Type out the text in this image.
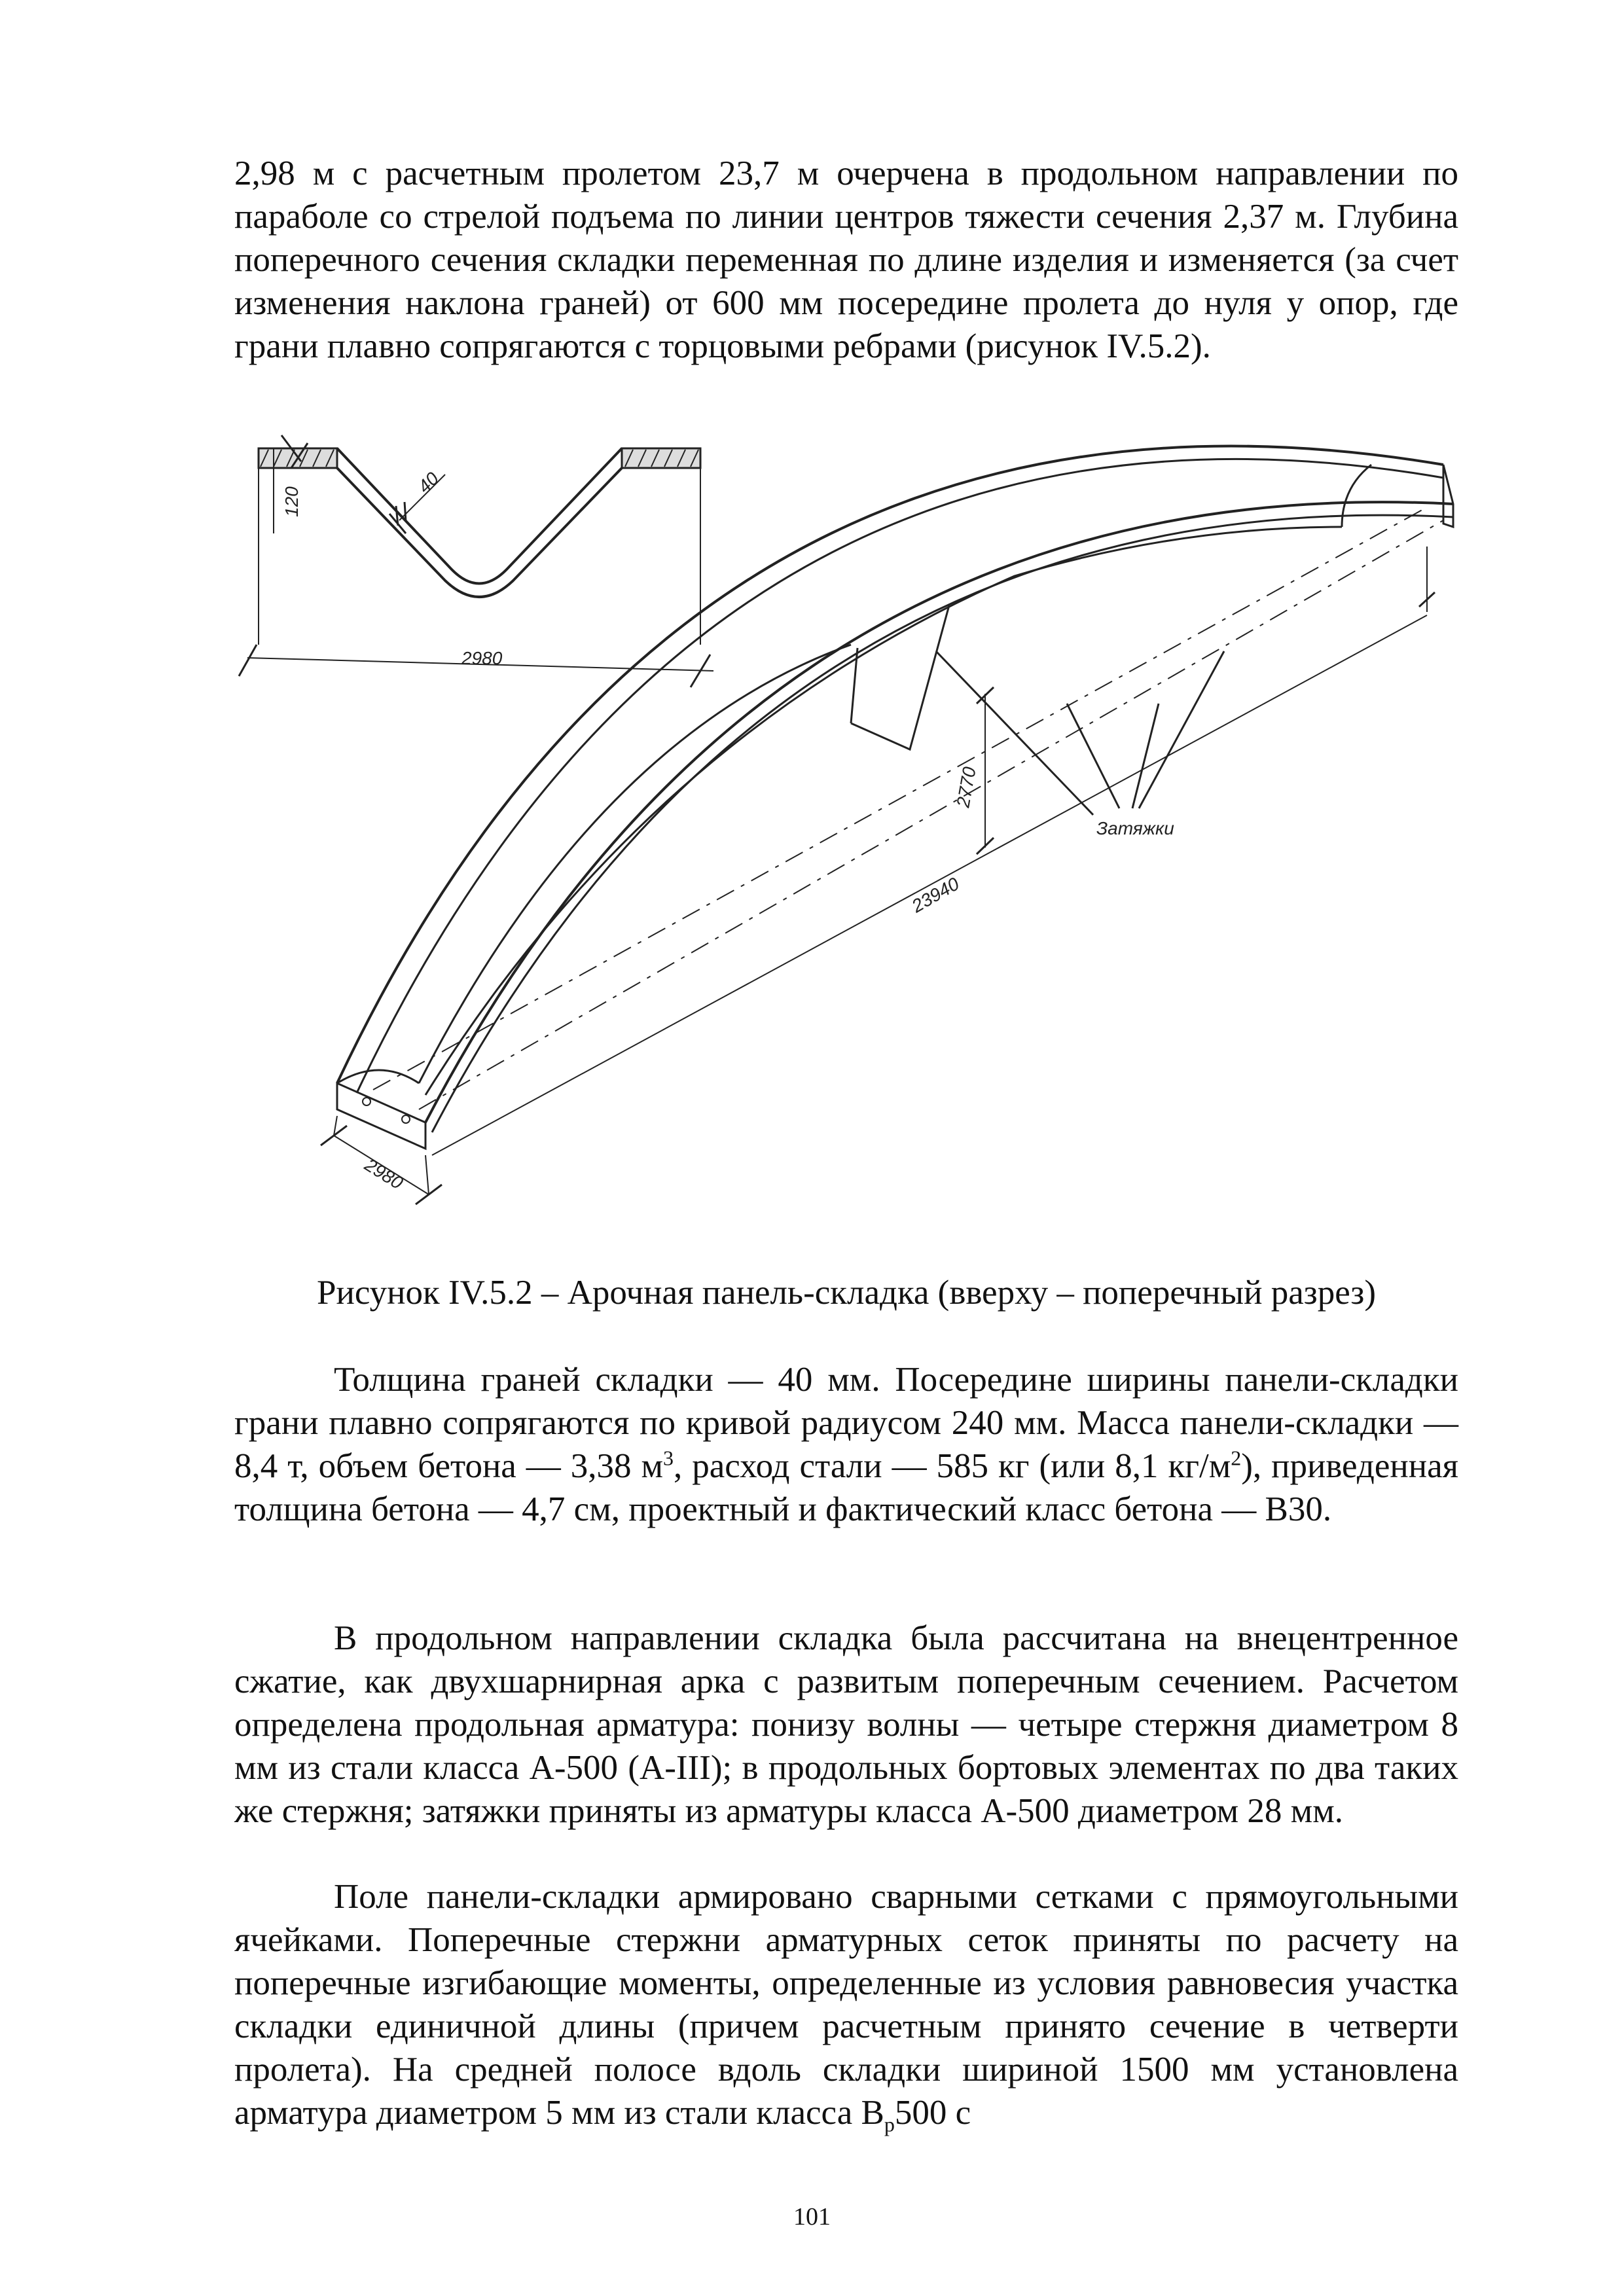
2,98 м с расчетным пролетом 23,7 м очерчена в продольном направлении по параболе со стрелой подъема по линии центров тяжести сечения 2,37 м. Глубина поперечного сечения складки переменная по длине изделия и изменяется (за счет изменения наклона граней) от 600 мм посередине пролета до нуля у опор, где грани плавно сопрягаются с торцовыми ребрами (рисунок IV.5.2).

2980
120
40
2770
23940
2980
Затяжки

Рисунок IV.5.2 – Арочная панель-складка (вверху – поперечный разрез)

Толщина граней складки — 40 мм. Посередине ширины панели-складки грани плавно сопрягаются по кривой радиусом 240 мм. Масса панели-складки — 8,4 т, объем бетона — 3,38 $м^3$, расход стали — 585 кг (или 8,1 $кг/м^2$), приведенная толщина бетона — 4,7 см, проектный и фактический класс бетона — В30.

В продольном направлении складка была рассчитана на внецентренное сжатие, как двухшарнирная арка с развитым поперечным сечением. Расчетом определена продольная арматура: понизу волны — четыре стержня диаметром 8 мм из стали класса А-500 (А-III); в продольных бортовых элементах по два таких же стержня; затяжки приняты из арматуры класса А-500 диаметром 28 мм.

Поле панели-складки армировано сварными сетками с прямоугольными ячейками. Поперечные стержни арматурных сеток приняты по расчету на поперечные изгибающие моменты, определенные из условия равновесия участка складки единичной длины (причем расчетным принято сечение в четверти пролета). На средней полосе вдоль складки шириной 1500 мм установлена арматура диаметром 5 мм из стали класса $В_р500$ с

101
